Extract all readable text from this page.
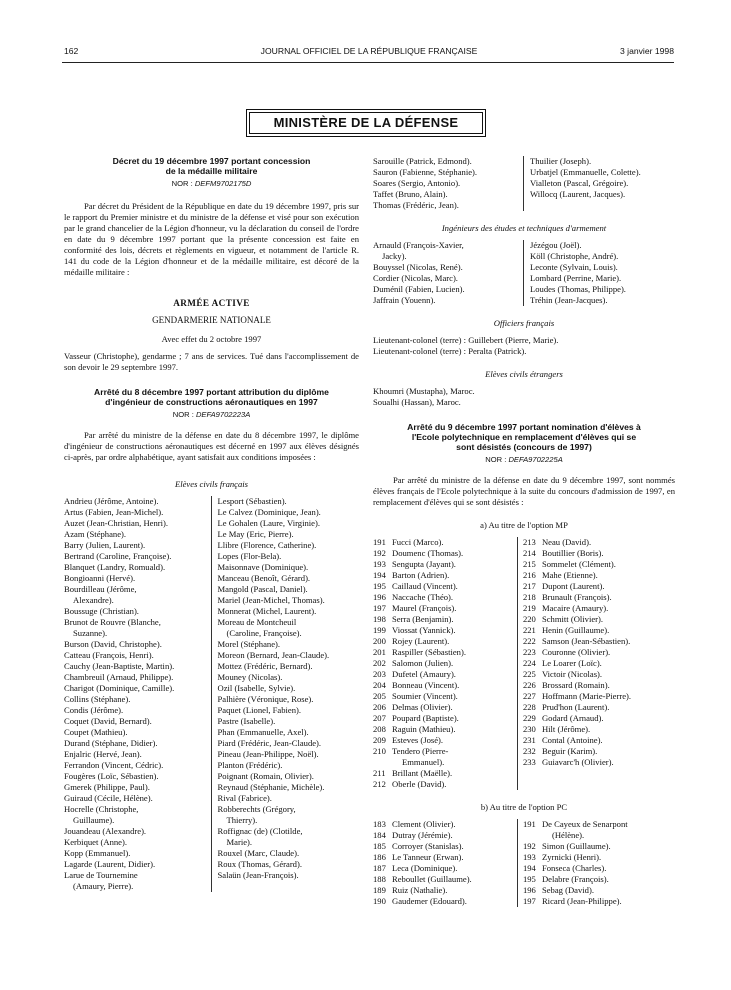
162	JOURNAL OFFICIEL DE LA RÉPUBLIQUE FRANÇAISE	3 janvier 1998
MINISTÈRE DE LA DÉFENSE
Décret du 19 décembre 1997 portant concession
de la médaille militaire
NOR : DEFM9702175D

Par décret du Président de la République en date du 19 décembre 1997, pris sur le rapport du Premier ministre et du ministre de la défense et visé pour son exécution par le grand chancelier de la Légion d'honneur, vu la déclaration du conseil de l'ordre en date du 9 décembre 1997 portant que la présente concession est faite en conformité des lois, décrets et règlements en vigueur, et notamment de l'article R. 141 du code de la Légion d'honneur et de la médaille militaire, est décoré de la médaille militaire :

ARMÉE ACTIVE
GENDARMERIE NATIONALE
Avec effet du 2 octobre 1997

Vasseur (Christophe), gendarme ; 7 ans de services. Tué dans l'accomplissement de son devoir le 29 septembre 1997.

Arrêté du 8 décembre 1997 portant attribution du diplôme
d'ingénieur de constructions aéronautiques en 1997
NOR : DEFA9702223A

Par arrêté du ministre de la défense en date du 8 décembre 1997, le diplôme d'ingénieur de constructions aéronautiques est décerné en 1997 aux élèves désignés ci-après, par ordre alphabétique, ayant satisfait aux conditions imposées :

Elèves civils français
Andrieu (Jérôme, Antoine).
Artus (Fabien, Jean-Michel).
Auzet (Jean-Christian, Henri).
Azam (Stéphane).
Barry (Julien, Laurent).
Bertrand (Caroline, Françoise).
Blanquet (Landry, Romuald).
Bongioanni (Hervé).
Bourdilleau (Jérôme,
Alexandre).
Boussuge (Christian).
Brunot de Rouvre (Blanche,
Suzanne).
Burson (David, Christophe).
Catteau (François, Henri).
Cauchy (Jean-Baptiste, Martin).
Chambreuil (Arnaud, Philippe).
Charigot (Dominique, Camille).
Collins (Stéphane).
Condis (Jérôme).
Coquet (David, Bernard).
Coupet (Mathieu).
Durand (Stéphane, Didier).
Enjalric (Hervé, Jean).
Ferrandon (Vincent, Cédric).
Fougères (Loïc, Sébastien).
Gmerek (Philippe, Paul).
Guiraud (Cécile, Hélène).
Hocrelle (Christophe,
Guillaume).
Jouandeau (Alexandre).
Kerbiquet (Anne).
Kopp (Emmanuel).
Lagarde (Laurent, Didier).
Larue de Tournemine
(Amaury, Pierre).
Lesport (Sébastien).
Le Calvez (Dominique, Jean).
Le Gohalen (Laure, Virginie).
Le May (Eric, Pierre).
Llibre (Florence, Catherine).
Lopes (Flor-Bela).
Maisonnave (Dominique).
Manceau (Benoît, Gérard).
Mangold (Pascal, Daniel).
Mariel (Jean-Michel, Thomas).
Monnerat (Michel, Laurent).
Moreau de Montcheuil
(Caroline, Françoise).
Morel (Stéphane).
Moreon (Bernard, Jean-Claude).
Mottez (Frédéric, Bernard).
Mouney (Nicolas).
Ozil (Isabelle, Sylvie).
Palhière (Véronique, Rose).
Paquet (Lionel, Fabien).
Pastre (Isabelle).
Phan (Emmanuelle, Axel).
Piard (Frédéric, Jean-Claude).
Pineau (Jean-Philippe, Noël).
Planton (Frédéric).
Poignant (Romain, Olivier).
Reynaud (Stéphanie, Michèle).
Rival (Fabrice).
Robberechts (Grégory,
Thierry).
Roffignac (de) (Clotilde,
Marie).
Rouxel (Marc, Claude).
Roux (Thomas, Gérard).
Salaün (Jean-François).
Sarouille (Patrick, Edmond).
Sauron (Fabienne, Stéphanie).
Soares (Sergio, Antonio).
Taffet (Bruno, Alain).
Thomas (Frédéric, Jean).
Thuilier (Joseph).
Urbatjel (Emmanuelle, Colette).
Vialleton (Pascal, Grégoire).
Willocq (Laurent, Jacques).
Ingénieurs des études et techniques d'armement
Arnauld (François-Xavier,
Jacky).
Bouyssel (Nicolas, René).
Cordier (Nicolas, Marc).
Duménil (Fabien, Lucien).
Jaffrain (Youenn).
Jézégou (Joël).
Köll (Christophe, André).
Leconte (Sylvain, Louis).
Lombard (Perrine, Marie).
Loudes (Thomas, Philippe).
Tréhin (Jean-Jacques).
Officiers français
Lieutenant-colonel (terre) : Guillebert (Pierre, Marie).
Lieutenant-colonel (terre) : Peralta (Patrick).
Elèves civils étrangers
Khoumri (Mustapha), Maroc.
Soualhi (Hassan), Maroc.
Arrêté du 9 décembre 1997 portant nomination d'élèves à
l'Ecole polytechnique en remplacement d'élèves qui se
sont désistés (concours de 1997)
NOR : DEFA9702225A

Par arrêté du ministre de la défense en date du 9 décembre 1997, sont nommés élèves français de l'Ecole polytechnique à la suite du concours d'admission de 1997, en remplacement d'élèves qui se sont désistés :

a) Au titre de l'option MP
191 Fucci (Marco).
192 Doumenc (Thomas).
193 Sengupta (Jayant).
194 Barton (Adrien).
195 Caillaud (Vincent).
196 Naccache (Théo).
197 Maurel (François).
198 Serra (Benjamin).
199 Viossat (Yannick).
200 Rojey (Laurent).
201 Raspiller (Sébastien).
202 Salomon (Julien).
203 Dufetel (Amaury).
204 Bonneau (Vincent).
205 Soumier (Vincent).
206 Delmas (Olivier).
207 Poupard (Baptiste).
208 Raguin (Mathieu).
209 Esteves (José).
210 Tendero (Pierre-
Emmanuel).
211 Brillant (Maëlle).
212 Oberle (David).
213 Neau (David).
214 Boutillier (Boris).
215 Sommelet (Clément).
216 Mahe (Etienne).
217 Dupont (Laurent).
218 Brunault (François).
219 Macaire (Amaury).
220 Schmitt (Olivier).
221 Henin (Guillaume).
222 Samson (Jean-Sébastien).
223 Couronne (Olivier).
224 Le Loarer (Loïc).
225 Victoir (Nicolas).
226 Brossard (Romain).
227 Hoffmann (Marie-Pierre).
228 Prud'hon (Laurent).
229 Godard (Arnaud).
230 Hilt (Jérôme).
231 Contal (Antoine).
232 Beguir (Karim).
233 Guiavarc'h (Olivier).
b) Au titre de l'option PC
183 Clement (Olivier).
184 Dutray (Jérémie).
185 Corroyer (Stanislas).
186 Le Tanneur (Erwan).
187 Leca (Dominique).
188 Reboullet (Guillaume).
189 Ruiz (Nathalie).
190 Gaudemer (Edouard).
191 De Cayeux de Senarpont
(Hélène).
192 Simon (Guillaume).
193 Zyrnicki (Henri).
194 Fonseca (Charles).
195 Delabre (François).
196 Sebag (David).
197 Ricard (Jean-Philippe).
